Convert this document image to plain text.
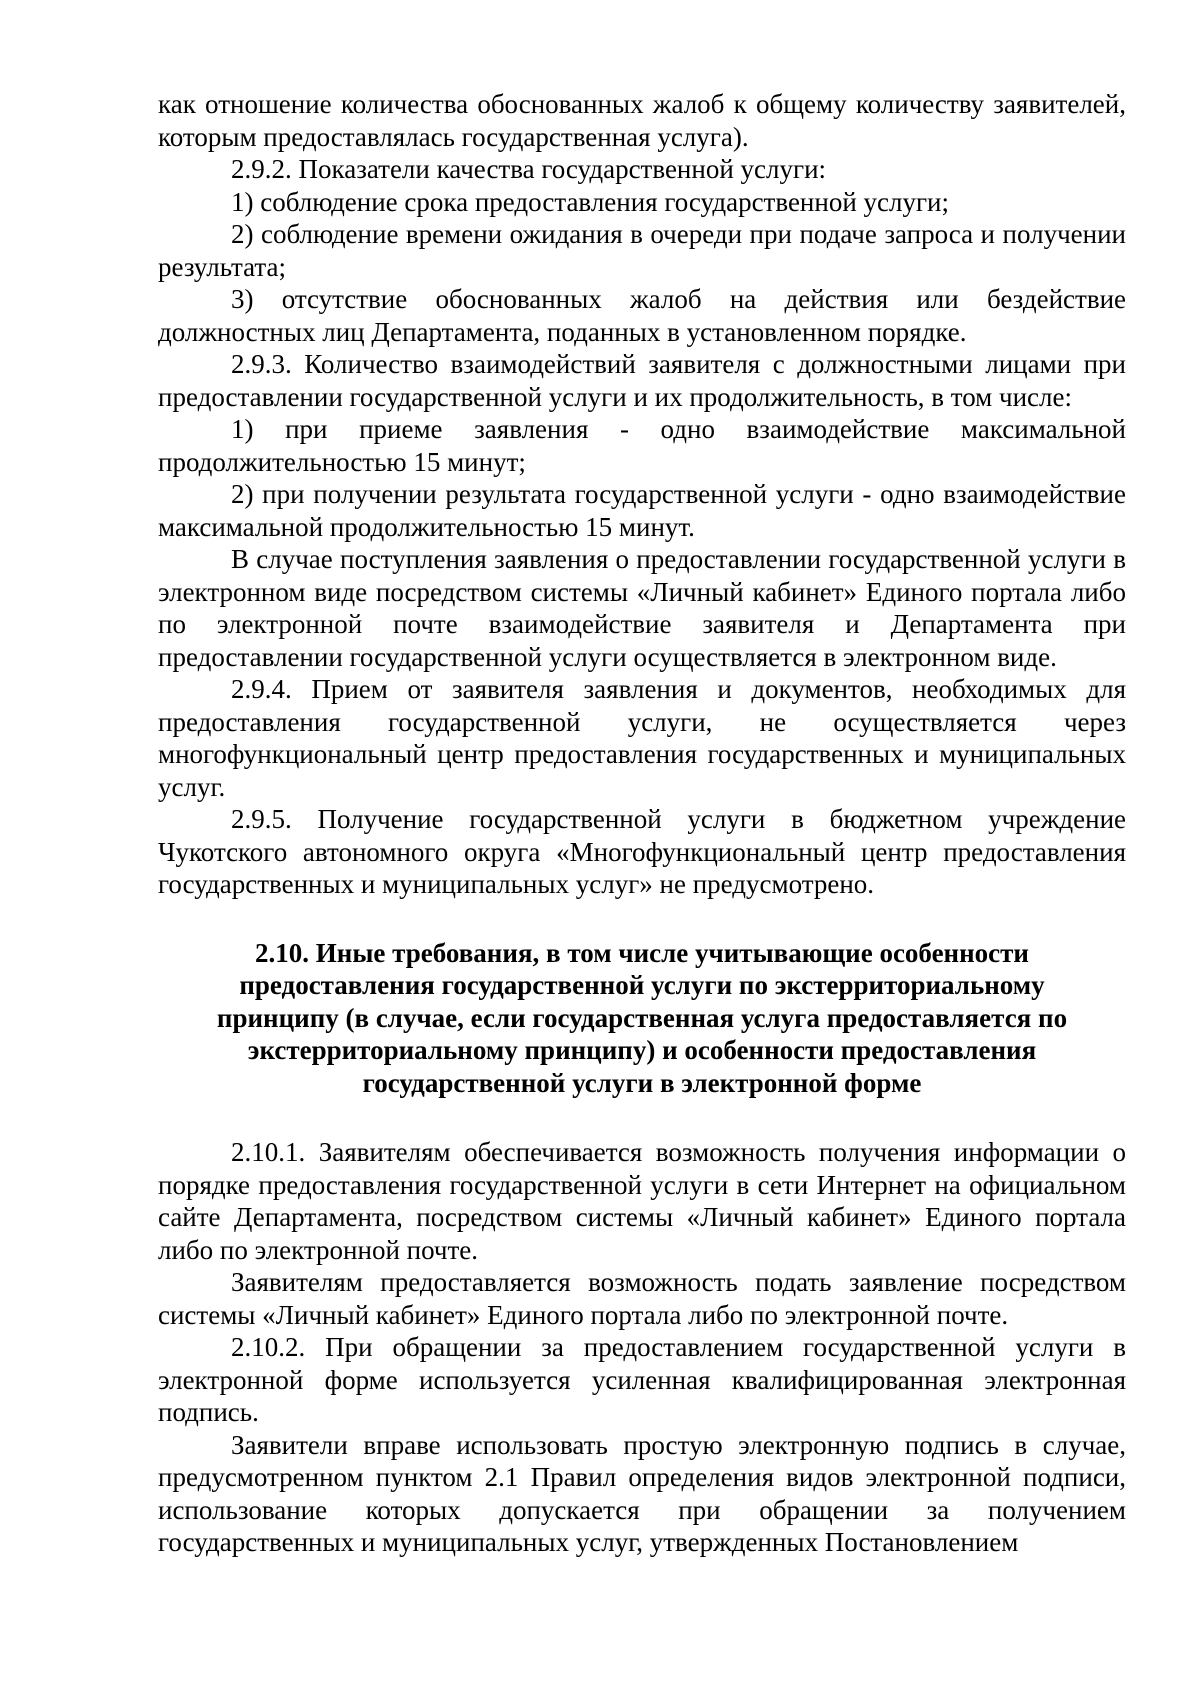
как отношение количества обоснованных жалоб к общему количеству заявителей, которым предоставлялась государственная услуга).

2.9.2. Показатели качества государственной услуги:

1) соблюдение срока предоставления государственной услуги;

2) соблюдение времени ожидания в очереди при подаче запроса и получении результата;

3) отсутствие обоснованных жалоб на действия или бездействие должностных лиц Департамента, поданных в установленном порядке.

2.9.3. Количество взаимодействий заявителя с должностными лицами при предоставлении государственной услуги и их продолжительность, в том числе:

1) при приеме заявления - одно взаимодействие максимальной продолжительностью 15 минут;

2) при получении результата государственной услуги - одно взаимодействие максимальной продолжительностью 15 минут.

В случае поступления заявления о предоставлении государственной услуги в электронном виде посредством системы «Личный кабинет» Единого портала либо по электронной почте взаимодействие заявителя и Департамента при предоставлении государственной услуги осуществляется в электронном виде.

2.9.4. Прием от заявителя заявления и документов, необходимых для предоставления государственной услуги, не осуществляется через многофункциональный центр предоставления государственных и муниципальных услуг.

2.9.5. Получение государственной услуги в бюджетном учреждение Чукотского автономного округа «Многофункциональный центр предоставления государственных и муниципальных услуг» не предусмотрено.

2.10. Иные требования, в том числе учитывающие особенности предоставления государственной услуги по экстерриториальному принципу (в случае, если государственная услуга предоставляется по экстерриториальному принципу) и особенности предоставления государственной услуги в электронной форме

2.10.1. Заявителям обеспечивается возможность получения информации о порядке предоставления государственной услуги в сети Интернет на официальном сайте Департамента, посредством системы «Личный кабинет» Единого портала либо по электронной почте.

Заявителям предоставляется возможность подать заявление посредством системы «Личный кабинет» Единого портала либо по электронной почте.

2.10.2. При обращении за предоставлением государственной услуги в электронной форме используется усиленная квалифицированная электронная подпись.

Заявители вправе использовать простую электронную подпись в случае, предусмотренном пунктом 2.1 Правил определения видов электронной подписи, использование которых допускается при обращении за получением государственных и муниципальных услуг, утвержденных Постановлением
